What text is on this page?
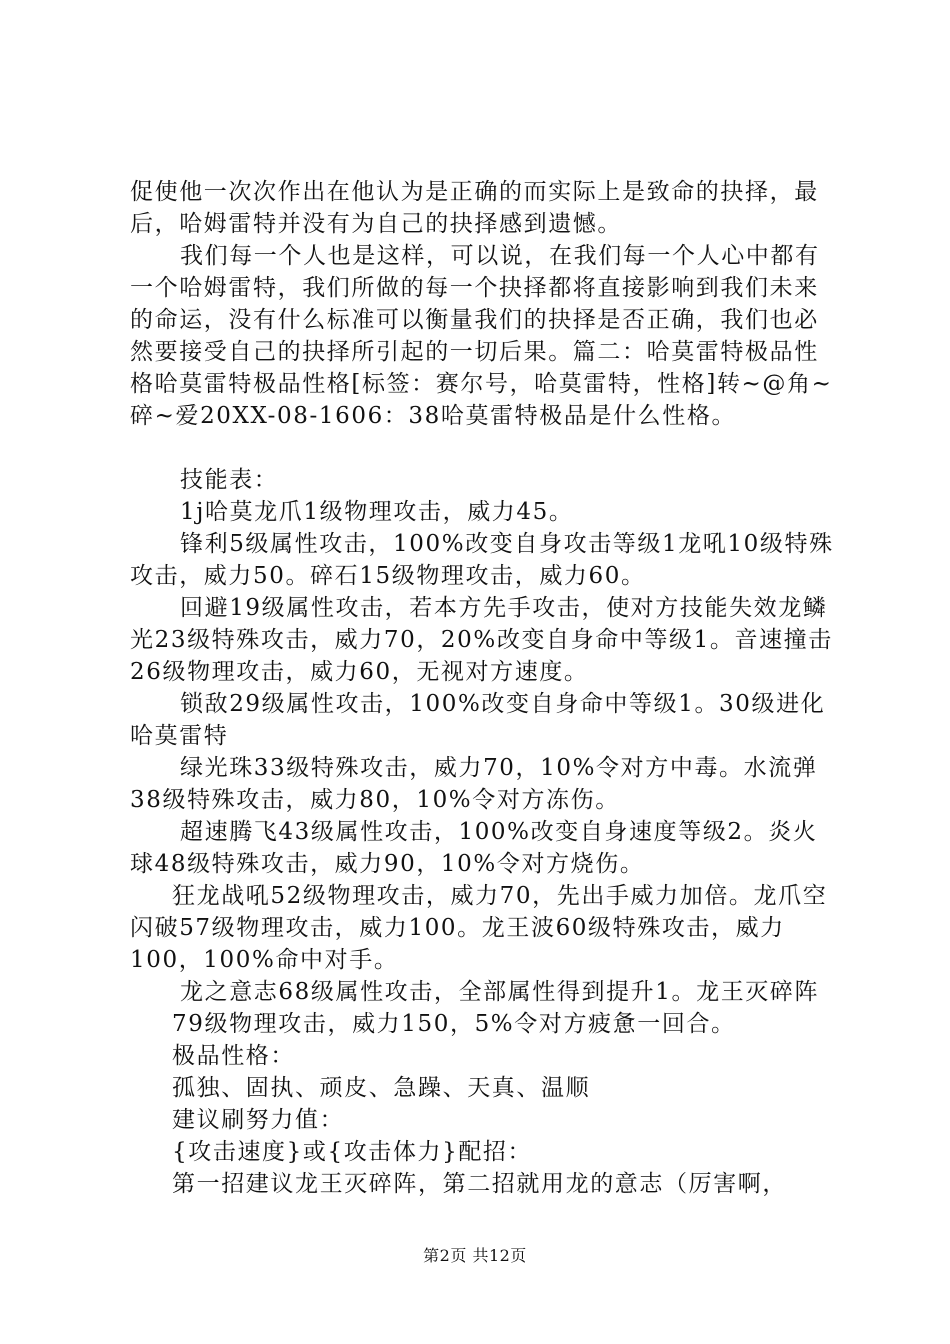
促使他一次次作出在他认为是正确的而实际上是致命的抉择，最后，哈姆雷特并没有为自己的抉择感到遗憾。

我们每一个人也是这样，可以说，在我们每一个人心中都有一个哈姆雷特，我们所做的每一个抉择都将直接影响到我们未来的命运，没有什么标准可以衡量我们的抉择是否正确，我们也必然要接受自己的抉择所引起的一切后果。篇二：哈莫雷特极品性格哈莫雷特极品性格[标签：赛尔号，哈莫雷特，性格]转~@角~碎~爱20XX-08-1606：38哈莫雷特极品是什么性格。

技能表：

1j哈莫龙爪1级物理攻击，威力45。

锋利5级属性攻击，100%改变自身攻击等级1龙吼10级特殊攻击，威力50。碎石15级物理攻击，威力60。

回避19级属性攻击，若本方先手攻击，使对方技能失效龙鳞光23级特殊攻击，威力70，20%改变自身命中等级1。音速撞击26级物理攻击，威力60，无视对方速度。

锁敌29级属性攻击，100%改变自身命中等级1。30级进化哈莫雷特

绿光珠33级特殊攻击，威力70，10%令对方中毒。水流弹38级特殊攻击，威力80，10%令对方冻伤。

超速腾飞43级属性攻击，100%改变自身速度等级2。炎火球48级特殊攻击，威力90，10%令对方烧伤。

狂龙战吼52级物理攻击，威力70，先出手威力加倍。龙爪空闪破57级物理攻击，威力100。龙王波60级特殊攻击，威力100，100%命中对手。

龙之意志68级属性攻击，全部属性得到提升1。龙王灭碎阵

79级物理攻击，威力150，5%令对方疲惫一回合。

极品性格：

孤独、固执、顽皮、急躁、天真、温顺

建议刷努力值：

{攻击速度}或{攻击体力}配招：

第一招建议龙王灭碎阵，第二招就用龙的意志（厉害啊，

第2页 共12页
